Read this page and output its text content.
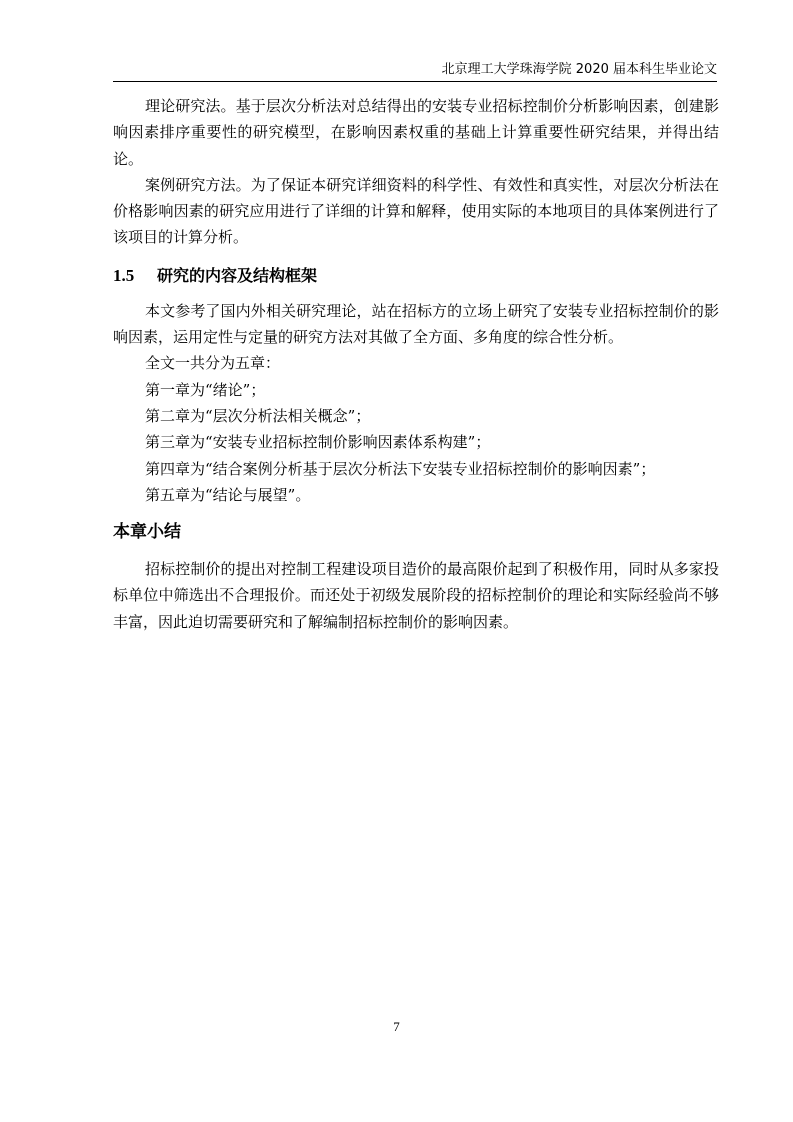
北京理工大学珠海学院 2020 届本科生毕业论文

理论研究法。基于层次分析法对总结得出的安装专业招标控制价分析影响因素，创建影响因素排序重要性的研究模型，在影响因素权重的基础上计算重要性研究结果，并得出结论。

案例研究方法。为了保证本研究详细资料的科学性、有效性和真实性，对层次分析法在价格影响因素的研究应用进行了详细的计算和解释，使用实际的本地项目的具体案例进行了该项目的计算分析。

1.5 研究的内容及结构框架

本文参考了国内外相关研究理论，站在招标方的立场上研究了安装专业招标控制价的影响因素，运用定性与定量的研究方法对其做了全方面、多角度的综合性分析。

全文一共分为五章：

第一章为“绪论”；

第二章为“层次分析法相关概念”；

第三章为“安装专业招标控制价影响因素体系构建”；

第四章为“结合案例分析基于层次分析法下安装专业招标控制价的影响因素”；

第五章为“结论与展望”。

本章小结

招标控制价的提出对控制工程建设项目造价的最高限价起到了积极作用，同时从多家投标单位中筛选出不合理报价。而还处于初级发展阶段的招标控制价的理论和实际经验尚不够丰富，因此迫切需要研究和了解编制招标控制价的影响因素。

7
